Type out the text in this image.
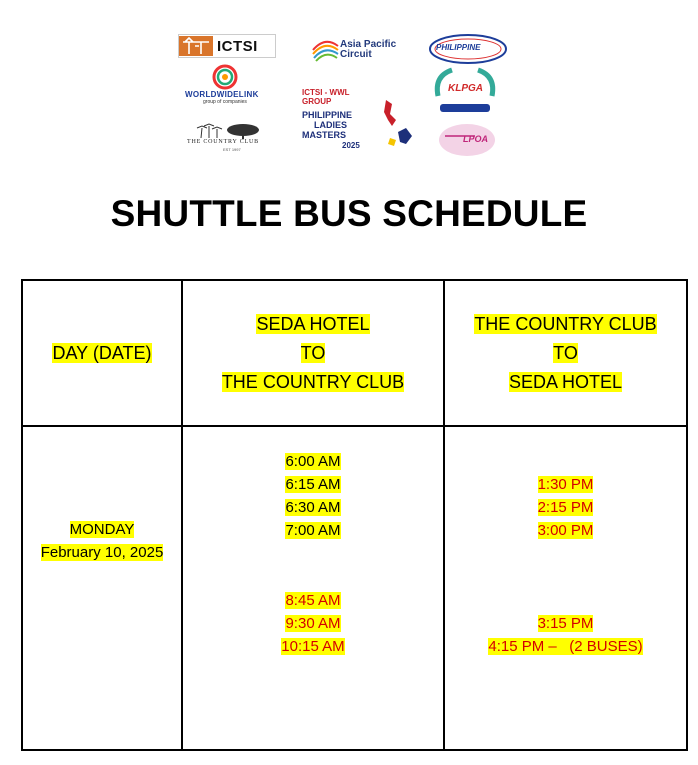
ICTSI	Asia Pacific
Circuit
PHILIPPINE
WORLDWIDELINK
group of companies
KLPGA
ICTSI - WWL
GROUP
PHILIPPINE
LADIES
MASTERS
2025
THE COUNTRY CLUB
EST 1997
LPOA
SHUTTLE BUS SCHEDULE
DAY (DATE)
SEDA HOTEL
TO
THE COUNTRY CLUB
THE COUNTRY CLUB
TO
SEDA HOTEL
MONDAY
February 10, 2025
6:00 AM
6:15 AM
6:30 AM
7:00 AM
8:45 AM
9:30 AM
10:15 AM
1:30 PM
2:15 PM
3:00 PM
3:15 PM
4:15 PM –   (2 BUSES)
